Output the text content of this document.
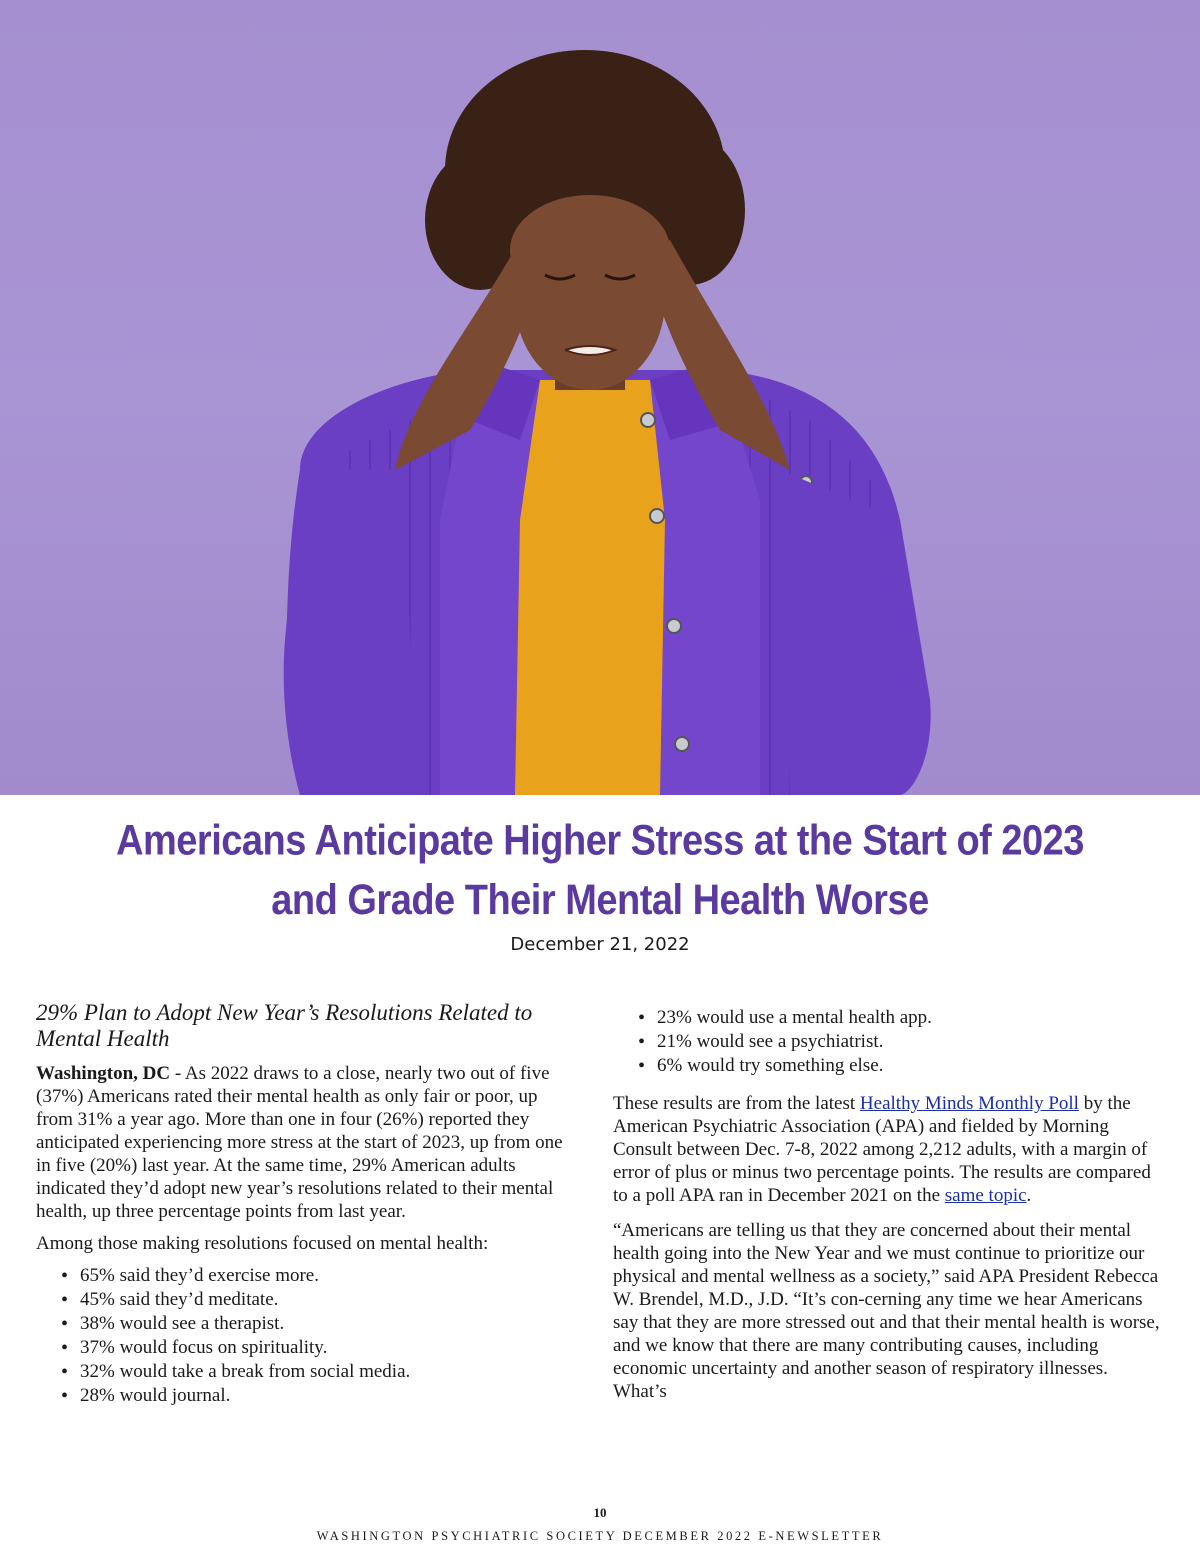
Americans Anticipate Higher Stress at the Start of 2023
and Grade Their Mental Health Worse
December 21, 2022
29% Plan to Adopt New Year’s Resolutions Related to Mental Health

Washington, DC - As 2022 draws to a close, nearly two out of five (37%) Americans rated their mental health as only fair or poor, up from 31% a year ago. More than one in four (26%) reported they anticipated experiencing more stress at the start of 2023, up from one in five (20%) last year. At the same time, 29% American adults indicated they’d adopt new year’s resolutions related to their mental health, up three percentage points from last year.

Among those making resolutions focused on mental health:

• 65% said they’d exercise more.
• 45% said they’d meditate.
• 38% would see a therapist.
• 37% would focus on spirituality.
• 32% would take a break from social media.
• 28% would journal.
• 23% would use a mental health app.
• 21% would see a psychiatrist.
• 6% would try something else.

These results are from the latest Healthy Minds Monthly Poll by the American Psychiatric Association (APA) and fielded by Morning Consult between Dec. 7-8, 2022 among 2,212 adults, with a margin of error of plus or minus two percentage points. The results are compared to a poll APA ran in December 2021 on the same topic.

“Americans are telling us that they are concerned about their mental health going into the New Year and we must continue to prioritize our physical and mental wellness as a society,” said APA President Rebecca W. Brendel, M.D., J.D. “It’s con-cerning any time we hear Americans say that they are more stressed out and that their mental health is worse, and we know that there are many contributing causes, including economic uncertainty and another season of respiratory illnesses. What’s

10
WASHINGTON PSYCHIATRIC SOCIETY DECEMBER 2022 E-NEWSLETTER
